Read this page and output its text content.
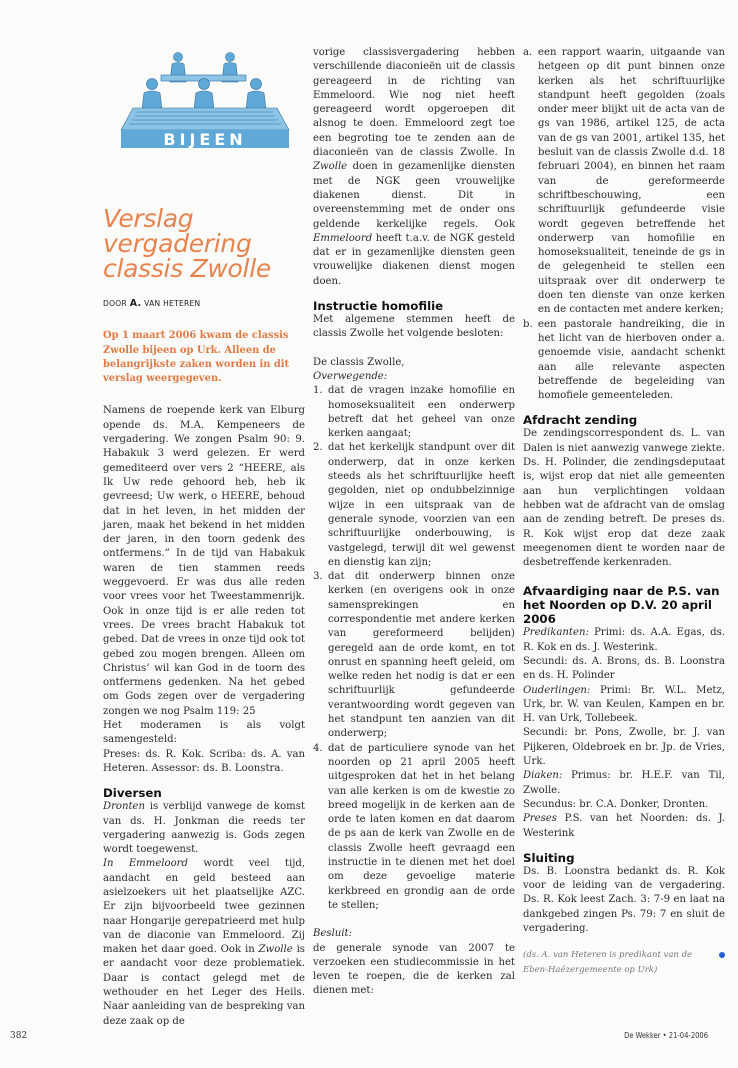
BIJEEN
Verslag
vergadering
classis Zwolle
DOOR A. VAN HETEREN

Op 1 maart 2006 kwam de classis Zwolle bijeen op Urk. Alleen de belangrijkste zaken worden in dit verslag weergegeven.

Namens de roepende kerk van Elburg opende ds. M.A. Kempeneers de vergadering. We zongen Psalm 90: 9. Habakuk 3 werd gelezen. Er werd gemediteerd over vers 2 “HEERE, als Ik Uw rede gehoord heb, heb ik gevreesd; Uw werk, o HEERE, behoud dat in het leven, in het midden der jaren, maak het bekend in het midden der jaren, in den toorn gedenk des ontfermens.” In de tijd van Habakuk waren de tien stammen reeds weggevoerd. Er was dus alle reden voor vrees voor het Tweestammenrijk. Ook in onze tijd is er alle reden tot vrees. De vrees bracht Habakuk tot gebed. Dat de vrees in onze tijd ook tot gebed zou mogen brengen. Alleen om Christus’ wil kan God in de toorn des ontfermens gedenken. Na het gebed om Gods zegen over de vergadering zongen we nog Psalm 119: 25

Het moderamen is als volgt samengesteld:

Preses: ds. R. Kok. Scriba: ds. A. van Heteren. Assessor: ds. B. Loonstra.

Diversen

Dronten is verblijd vanwege de komst van ds. H. Jonkman die reeds ter vergadering aanwezig is. Gods zegen wordt toegewenst.

In Emmeloord wordt veel tijd, aandacht en geld besteed aan asielzoekers uit het plaatselijke AZC. Er zijn bijvoorbeeld twee gezinnen naar Hongarije gerepatrieerd met hulp van de diaconie van Emmeloord. Zij maken het daar goed. Ook in Zwolle is er aandacht voor deze problematiek. Daar is contact gelegd met de wethouder en het Leger des Heils. Naar aanleiding van de bespreking van deze zaak op de

vorige classisvergadering hebben verschillende diaconieën uit de classis gereageerd in de richting van Emmeloord. Wie nog niet heeft gereageerd wordt opgeroepen dit alsnog te doen. Emmeloord zegt toe een begroting toe te zenden aan de diaconieën van de classis Zwolle. In Zwolle doen in gezamenlijke diensten met de NGK geen vrouwelijke diakenen dienst. Dit in overeenstemming met de onder ons geldende kerkelijke regels. Ook Emmeloord heeft t.a.v. de NGK gesteld dat er in gezamenlijke diensten geen vrouwelijke diakenen dienst mogen doen.

Instructie homofilie

Met algemene stemmen heeft de classis Zwolle het volgende besloten:

De classis Zwolle,

Overwegende:

1. dat de vragen inzake homofilie en homoseksualiteit een onderwerp betreft dat het geheel van onze kerken aangaat;
2. dat het kerkelijk standpunt over dit onderwerp, dat in onze kerken steeds als het schriftuurlijke heeft gegolden, niet op ondubbelzinnige wijze in een uitspraak van de generale synode, voorzien van een schriftuurlijke onderbouwing, is vastgelegd, terwijl dit wel gewenst en dienstig kan zijn;
3. dat dit onderwerp binnen onze kerken (en overigens ook in onze samensprekingen en correspondentie met andere kerken van gereformeerd belijden) geregeld aan de orde komt, en tot onrust en spanning heeft geleid, om welke reden het nodig is dat er een schriftuurlijk gefundeerde verantwoording wordt gegeven van het standpunt ten aanzien van dit onderwerp;
4. dat de particuliere synode van het noorden op 21 april 2005 heeft uitgesproken dat het in het belang van alle kerken is om de kwestie zo breed mogelijk in de kerken aan de orde te laten komen en dat daarom de ps aan de kerk van Zwolle en de classis Zwolle heeft gevraagd een instructie in te dienen met het doel om deze gevoelige materie kerkbreed en grondig aan de orde te stellen;

Besluit:

de generale synode van 2007 te verzoeken een studiecommissie in het leven te roepen, die de kerken zal dienen met:

a. een rapport waarin, uitgaande van hetgeen op dit punt binnen onze kerken als het schriftuurlijke standpunt heeft gegolden (zoals onder meer blijkt uit de acta van de gs van 1986, artikel 125, de acta van de gs van 2001, artikel 135, het besluit van de classis Zwolle d.d. 18 februari 2004), en binnen het raam van de gereformeerde schriftbeschouwing, een schriftuurlijk gefundeerde visie wordt gegeven betreffende het onderwerp van homofilie en homoseksualiteit, teneinde de gs in de gelegenheid te stellen een uitspraak over dit onderwerp te doen ten dienste van onze kerken en de contacten met andere kerken;
b. een pastorale handreiking, die in het licht van de hierboven onder a. genoemde visie, aandacht schenkt aan alle relevante aspecten betreffende de begeleiding van homofiele gemeenteleden.
Afdracht zending

De zendingscorrespondent ds. L. van Dalen is niet aanwezig vanwege ziekte. Ds. H. Polinder, die zendingsdeputaat is, wijst erop dat niet alle gemeenten aan hun verplichtingen voldaan hebben wat de afdracht van de omslag aan de zending betreft. De preses ds. R. Kok wijst erop dat deze zaak meegenomen dient te worden naar de desbetreffende kerkenraden.

Afvaardiging naar de P.S. van het Noorden op D.V. 20 april 2006

Predikanten: Primi: ds. A.A. Egas, ds. R. Kok en ds. J. Westerink.

Secundi: ds. A. Brons, ds. B. Loonstra en ds. H. Polinder

Ouderlingen: Primi: Br. W.L. Metz, Urk, br. W. van Keulen, Kampen en br. H. van Urk, Tollebeek.

Secundi: br. Pons, Zwolle, br. J. van Pijkeren, Oldebroek en br. Jp. de Vries, Urk.

Diaken: Primus: br. H.E.F. van Til, Zwolle.

Secundus: br. C.A. Donker, Dronten.

Preses P.S. van het Noorden: ds. J. Westerink

Sluiting

Ds. B. Loonstra bedankt ds. R. Kok voor de leiding van de vergadering. Ds. R. Kok leest Zach. 3: 7-9 en laat na dankgebed zingen Ps. 79: 7 en sluit de vergadering.

(ds. A. van Heteren is predikant van de Eben-Haëzergemeente op Urk)

382	De Wekker • 21-04-2006
